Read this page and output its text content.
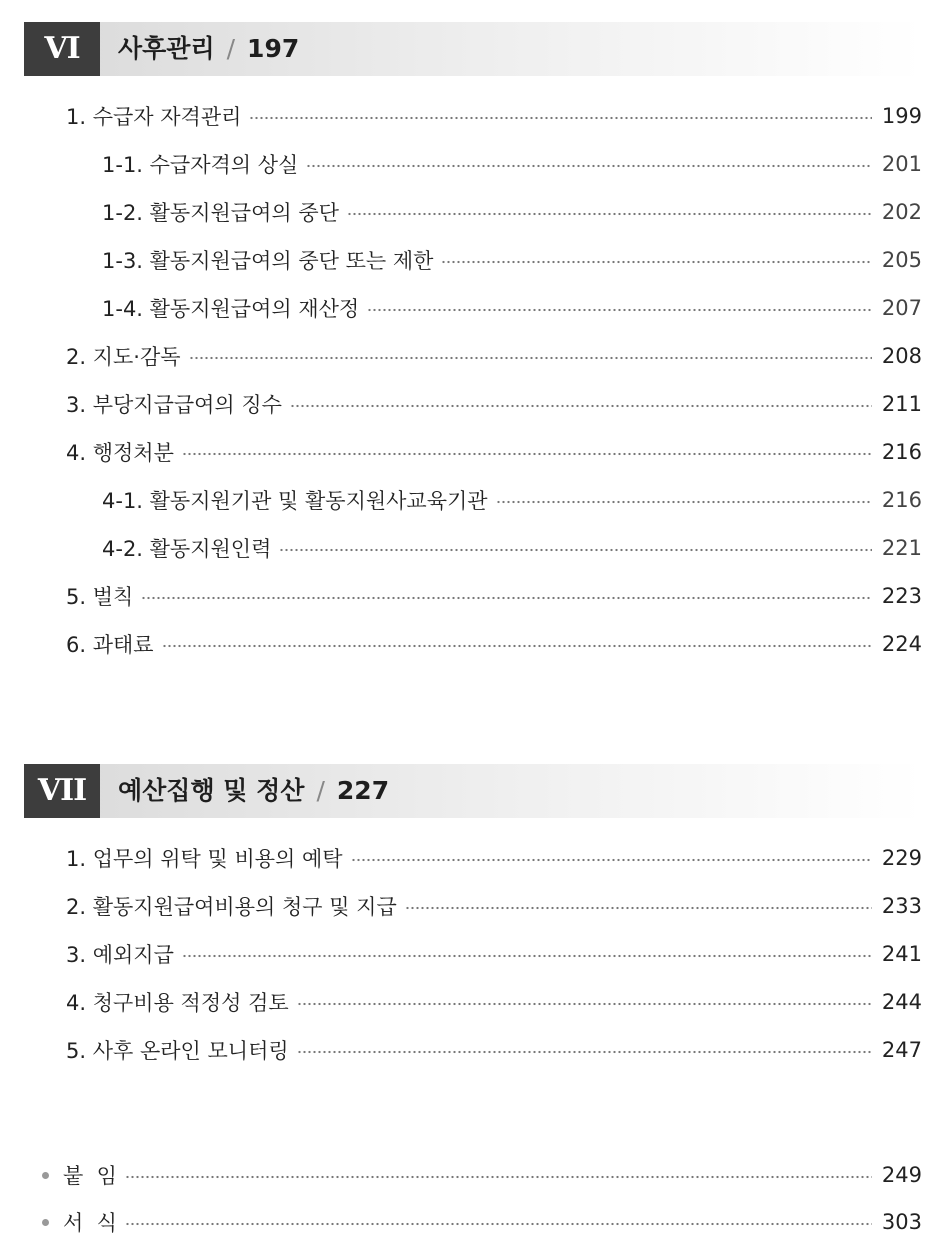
VI	사후관리 / 197
1. 수급자 자격관리	199
1-1. 수급자격의 상실	201
1-2. 활동지원급여의 중단	202
1-3. 활동지원급여의 중단 또는 제한	205
1-4. 활동지원급여의 재산정	207
2. 지도·감독	208
3. 부당지급급여의 징수	211
4. 행정처분	216
4-1. 활동지원기관 및 활동지원사교육기관	216
4-2. 활동지원인력	221
5. 벌칙	223
6. 과태료	224
VII	예산집행 및 정산 / 227
1. 업무의 위탁 및 비용의 예탁	229
2. 활동지원급여비용의 청구 및 지급	233
3. 예외지급	241
4. 청구비용 적정성 검토	244
5. 사후 온라인 모니터링	247
붙  임	249
서  식	303
